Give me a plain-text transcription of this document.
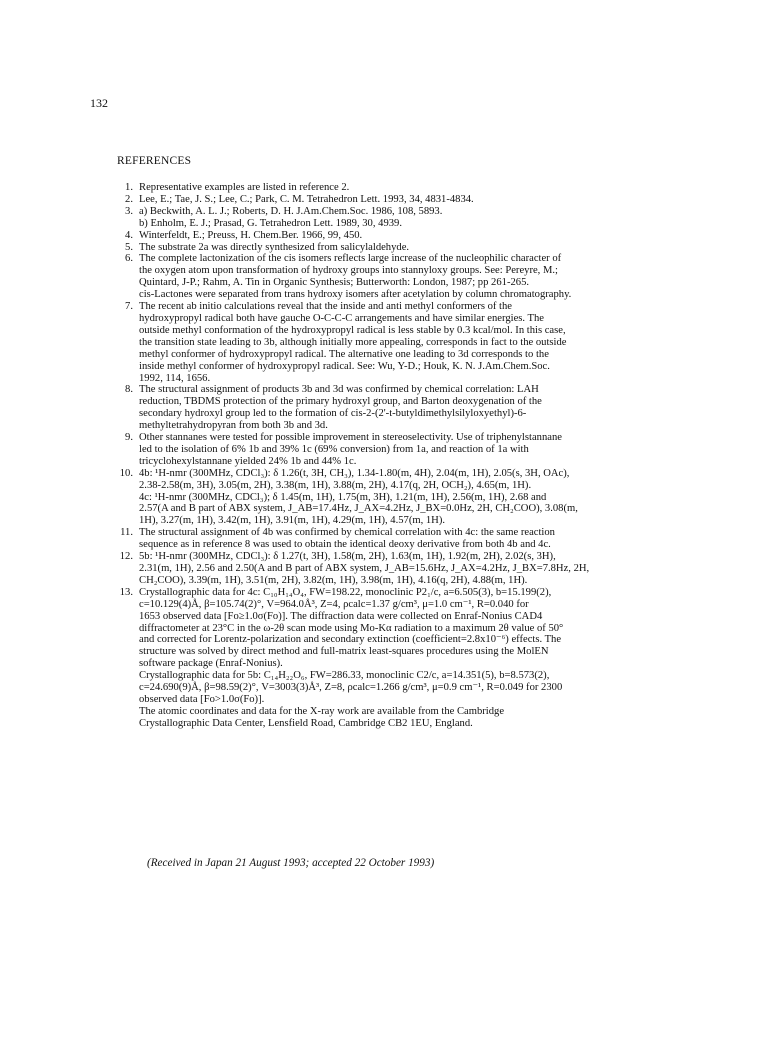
132
REFERENCES
1. Representative examples are listed in reference 2.
2. Lee, E.; Tae, J. S.; Lee, C.; Park, C. M. Tetrahedron Lett. 1993, 34, 4831-4834.
3. a) Beckwith, A. L. J.; Roberts, D. H. J.Am.Chem.Soc. 1986, 108, 5893.
b) Enholm, E. J.; Prasad, G. Tetrahedron Lett. 1989, 30, 4939.
4. Winterfeldt, E.; Preuss, H. Chem.Ber. 1966, 99, 450.
5. The substrate 2a was directly synthesized from salicylaldehyde.
6. The complete lactonization of the cis isomers reflects large increase of the nucleophilic character of
the oxygen atom upon transformation of hydroxy groups into stannyloxy groups. See: Pereyre, M.;
Quintard, J-P.; Rahm, A. Tin in Organic Synthesis; Butterworth: London, 1987; pp 261-265.
cis-Lactones were separated from trans hydroxy isomers after acetylation by column chromatography.
7. The recent ab initio calculations reveal that the inside and anti methyl conformers of the
hydroxypropyl radical both have gauche O-C-C-C arrangements and have similar energies. The
outside methyl conformation of the hydroxypropyl radical is less stable by 0.3 kcal/mol. In this case,
the transition state leading to 3b, although initially more appealing, corresponds in fact to the outside
methyl conformer of hydroxypropyl radical. The alternative one leading to 3d corresponds to the
inside methyl conformer of hydroxypropyl radical. See: Wu, Y-D.; Houk, K. N. J.Am.Chem.Soc.
1992, 114, 1656.
8. The structural assignment of products 3b and 3d was confirmed by chemical correlation: LAH
reduction, TBDMS protection of the primary hydroxyl group, and Barton deoxygenation of the
secondary hydroxyl group led to the formation of cis-2-(2'-t-butyldimethylsilyloxyethyl)-6-
methyltetrahydropyran from both 3b and 3d.
9. Other stannanes were tested for possible improvement in stereoselectivity. Use of triphenylstannane
led to the isolation of 6% 1b and 39% 1c (69% conversion) from 1a, and reaction of 1a with
tricyclohexylstannane yielded 24% 1b and 44% 1c.
10. 4b: ¹H-nmr (300MHz, CDCl₃): δ 1.26(t, 3H, CH₃), 1.34-1.80(m, 4H), 2.04(m, 1H), 2.05(s, 3H, OAc),
2.38-2.58(m, 3H), 3.05(m, 2H), 3.38(m, 1H), 3.88(m, 2H), 4.17(q, 2H, OCH₂), 4.65(m, 1H).
4c: ¹H-nmr (300MHz, CDCl₃); δ 1.45(m, 1H), 1.75(m, 3H), 1.21(m, 1H), 2.56(m, 1H), 2.68 and
2.57(A and B part of ABX system, J_AB=17.4Hz, J_AX=4.2Hz, J_BX=0.0Hz, 2H, CH₂COO), 3.08(m,
1H), 3.27(m, 1H), 3.42(m, 1H), 3.91(m, 1H), 4.29(m, 1H), 4.57(m, 1H).
11. The structural assignment of 4b was confirmed by chemical correlation with 4c: the same reaction
sequence as in reference 8 was used to obtain the identical deoxy derivative from both 4b and 4c.
12. 5b: ¹H-nmr (300MHz, CDCl₃): δ 1.27(t, 3H), 1.58(m, 2H), 1.63(m, 1H), 1.92(m, 2H), 2.02(s, 3H),
2.31(m, 1H), 2.56 and 2.50(A and B part of ABX system, J_AB=15.6Hz, J_AX=4.2Hz, J_BX=7.8Hz, 2H,
CH₂COO), 3.39(m, 1H), 3.51(m, 2H), 3.82(m, 1H), 3.98(m, 1H), 4.16(q, 2H), 4.88(m, 1H).
13. Crystallographic data for 4c: C₁₀H₁₄O₄, FW=198.22, monoclinic P2₁/c, a=6.505(3), b=15.199(2),
c=10.129(4)Å, β=105.74(2)°, V=964.0Å³, Z=4, ρcalc=1.37 g/cm³, μ=1.0 cm⁻¹, R=0.040 for
1653 observed data [Fo≥1.0σ(Fo)]. The diffraction data were collected on Enraf-Nonius CAD4
diffractometer at 23°C in the ω-2θ scan mode using Mo-Kα radiation to a maximum 2θ value of 50°
and corrected for Lorentz-polarization and secondary extinction (coefficient=2.8x10⁻⁶) effects. The
structure was solved by direct method and full-matrix least-squares procedures using the MolEN
software package (Enraf-Nonius).
Crystallographic data for 5b: C₁₄H₂₂O₆, FW=286.33, monoclinic C2/c, a=14.351(5), b=8.573(2),
c=24.690(9)Å, β=98.59(2)°, V=3003(3)Å³, Z=8, ρcalc=1.266 g/cm³, μ=0.9 cm⁻¹, R=0.049 for 2300
observed data [Fo>1.0σ(Fo)].
The atomic coordinates and data for the X-ray work are available from the Cambridge
Crystallographic Data Center, Lensfield Road, Cambridge CB2 1EU, England.
(Received in Japan 21 August 1993; accepted 22 October 1993)
